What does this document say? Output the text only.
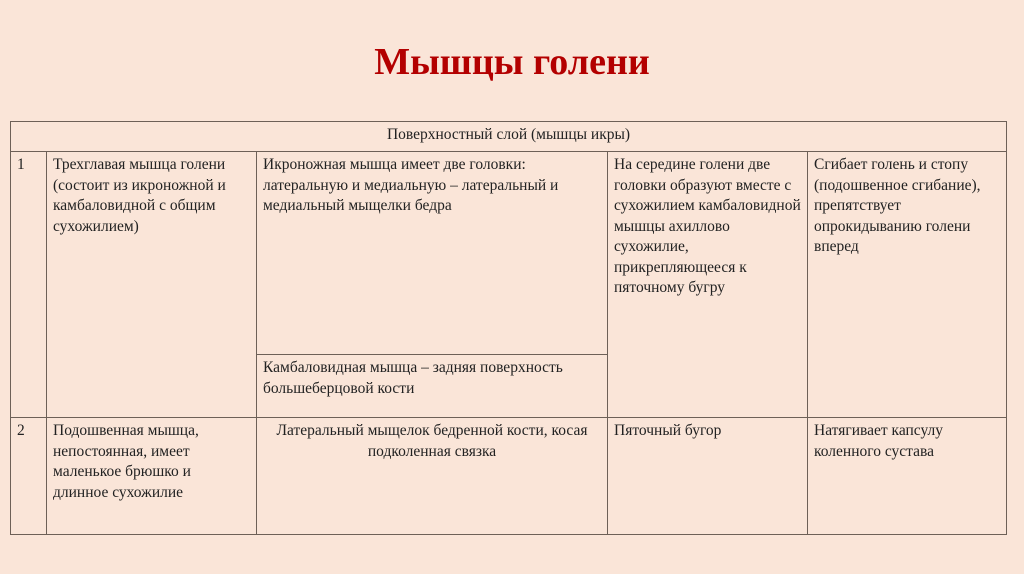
Мышцы голени
Поверхностный слой (мышцы икры)				
1	Трехглавая мышца голени (состоит из икроножной и камбаловидной с общим сухожилием)	Икроножная мышца имеет две головки: латеральную и медиальную – латеральный и медиальный мыщелки бедра	На середине голени две головки образуют вместе с сухожилием камбаловидной мышцы ахиллово сухожилие, прикрепляющееся к пяточному бугру	Сгибает голень и стопу (подошвенное сгибание), препятствует опрокидыванию голени вперед
		Камбаловидная мышца – задняя поверхность большеберцовой кости		
2	Подошвенная мышца, непостоянная, имеет маленькое брюшко и длинное сухожилие	Латеральный мыщелок бедренной кости, косая подколенная связка	Пяточный бугор	Натягивает капсулу коленного сустава
